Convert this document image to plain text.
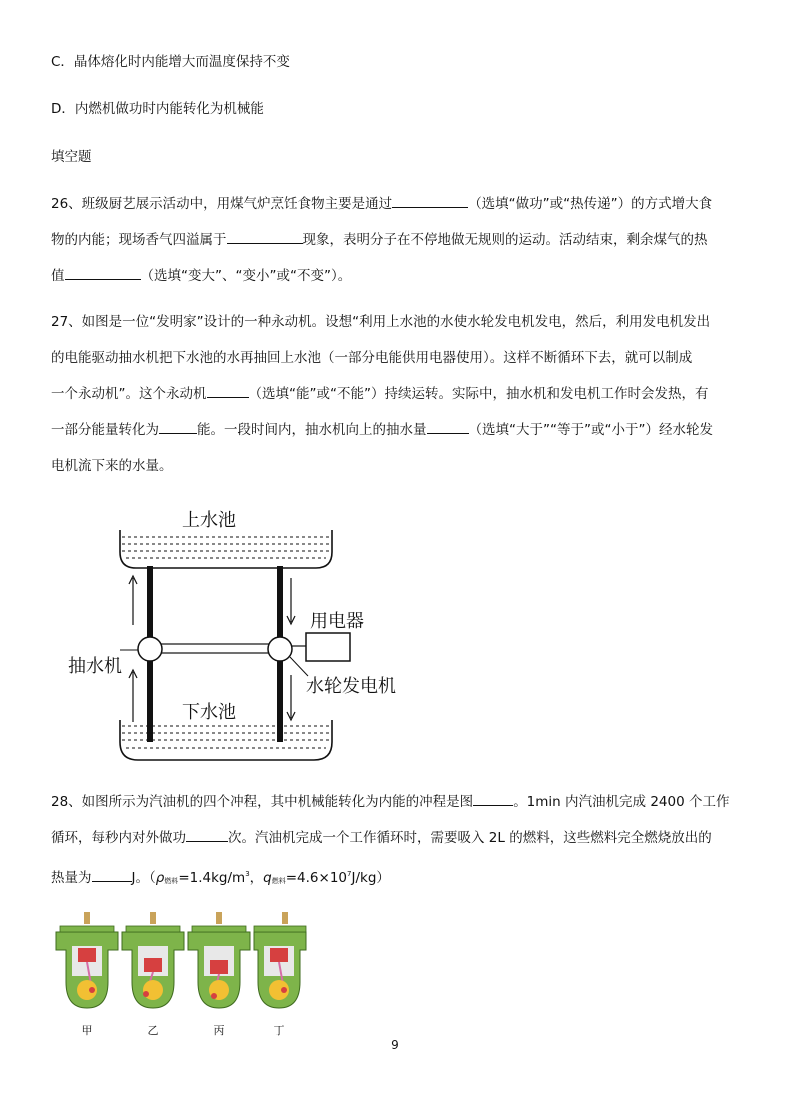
C．晶体熔化时内能增大而温度保持不变
D．内燃机做功时内能转化为机械能
填空题
26、班级厨艺展示活动中，用煤气炉烹饪食物主要是通过	（选填“做功”或“热传递”）的方式增大食
物的内能；现场香气四溢属于	现象，表明分子在不停地做无规则的运动。活动结束，剩余煤气的热
值	（选填“变大”、“变小”或“不变”）。
27、如图是一位“发明家”设计的一种永动机。设想“利用上水池的水使水轮发电机发电，然后，利用发电机发出
的电能驱动抽水机把下水池的水再抽回上水池（一部分电能供用电器使用）。这样不断循环下去，就可以制成
一个永动机”。这个永动机	（选填“能”或“不能”）持续运转。实际中，抽水机和发电机工作时会发热，有
一部分能量转化为	能。一段时间内，抽水机向上的抽水量	（选填“大于”“等于”或“小于”）经水轮发
电机流下来的水量。
上水池
下水池
用电器
抽水机
水轮发电机
28、如图所示为汽油机的四个冲程，其中机械能转化为内能的冲程是图	。1min 内汽油机完成 2400 个工作
循环，每秒内对外做功	次。汽油机完成一个工作循环时，需要吸入 2L 的燃料，这些燃料完全燃烧放出的
热量为	J。（ρ燃料$=1.4kg/m^3$，q燃料$=4.6\times 10^7J/kg$）
甲	乙	丙	丁
9
